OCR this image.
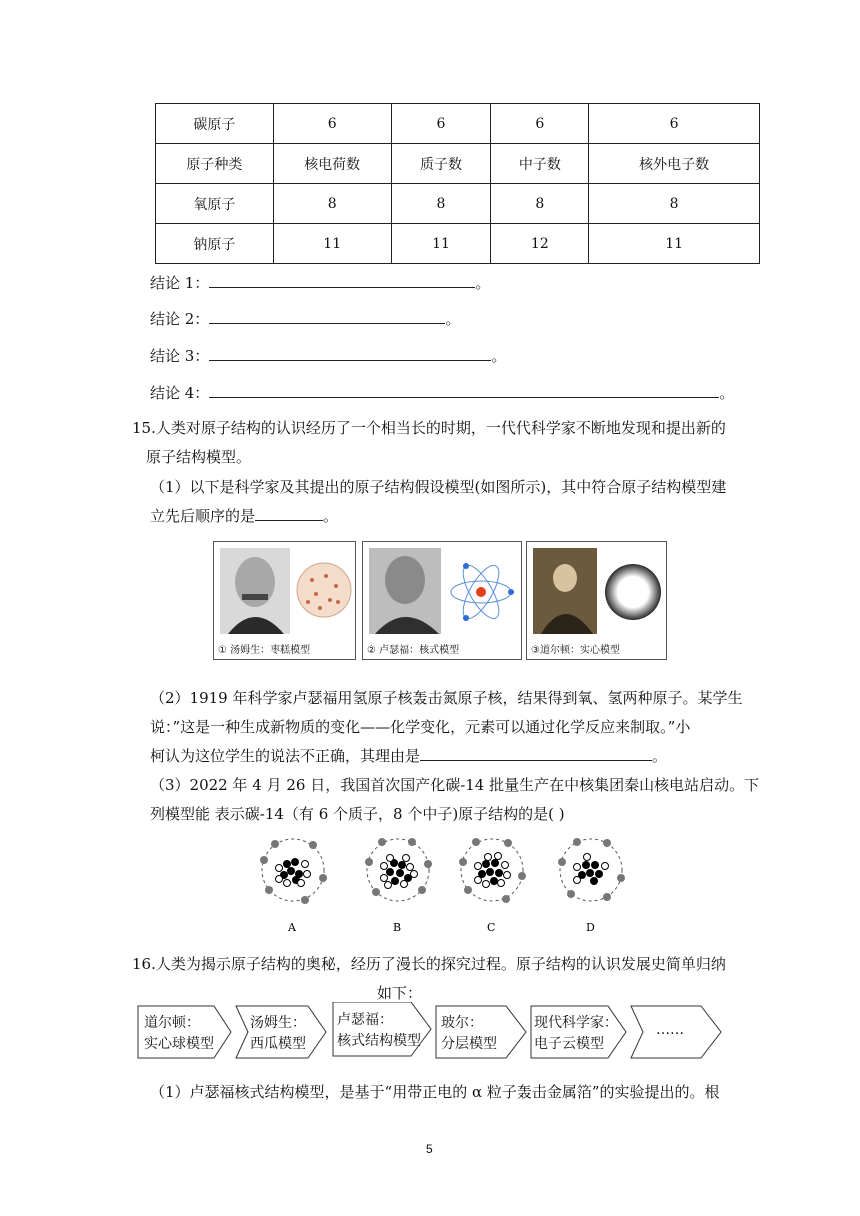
碳原子	6	6	6	6
原子种类	核电荷数	质子数	中子数	核外电子数
氧原子	8	8	8	8
钠原子	11	11	12	11
结论 1：	。
结论 2：	。
结论 3：	。
结论 4：	。
15.人类对原子结构的认识经历了一个相当长的时期，一代代科学家不断地发现和提出新的
原子结构模型。
（1）以下是科学家及其提出的原子结构假设模型(如图所示)，其中符合原子结构模型建
立先后顺序的是	。
① 汤姆生：枣糕模型	② 卢瑟福：核式模型	③道尔顿：实心模型
（2）1919 年科学家卢瑟福用氢原子核轰击氮原子核，结果得到氧、氢两种原子。某学生
说：”这是一种生成新物质的变化——化学变化，元素可以通过化学反应来制取。”小
柯认为这位学生的说法不正确，其理由是	。
（3）2022 年 4 月 26 日，我国首次国产化碳-14 批量生产在中核集团秦山核电站启动。下
列模型能 表示碳-14（有 6 个质子，8 个中子)原子结构的是( )
A	B	C	D
16.人类为揭示原子结构的奥秘，经历了漫长的探究过程。原子结构的认识发展史简单归纳
如下：
道尔顿：
实心球模型
汤姆生：
西瓜模型
卢瑟福：
核式结构模型
玻尔：
分层模型
现代科学家：
电子云模型
……
（1）卢瑟福核式结构模型，是基于“用带正电的 α 粒子轰击金属箔”的实验提出的。根
5
